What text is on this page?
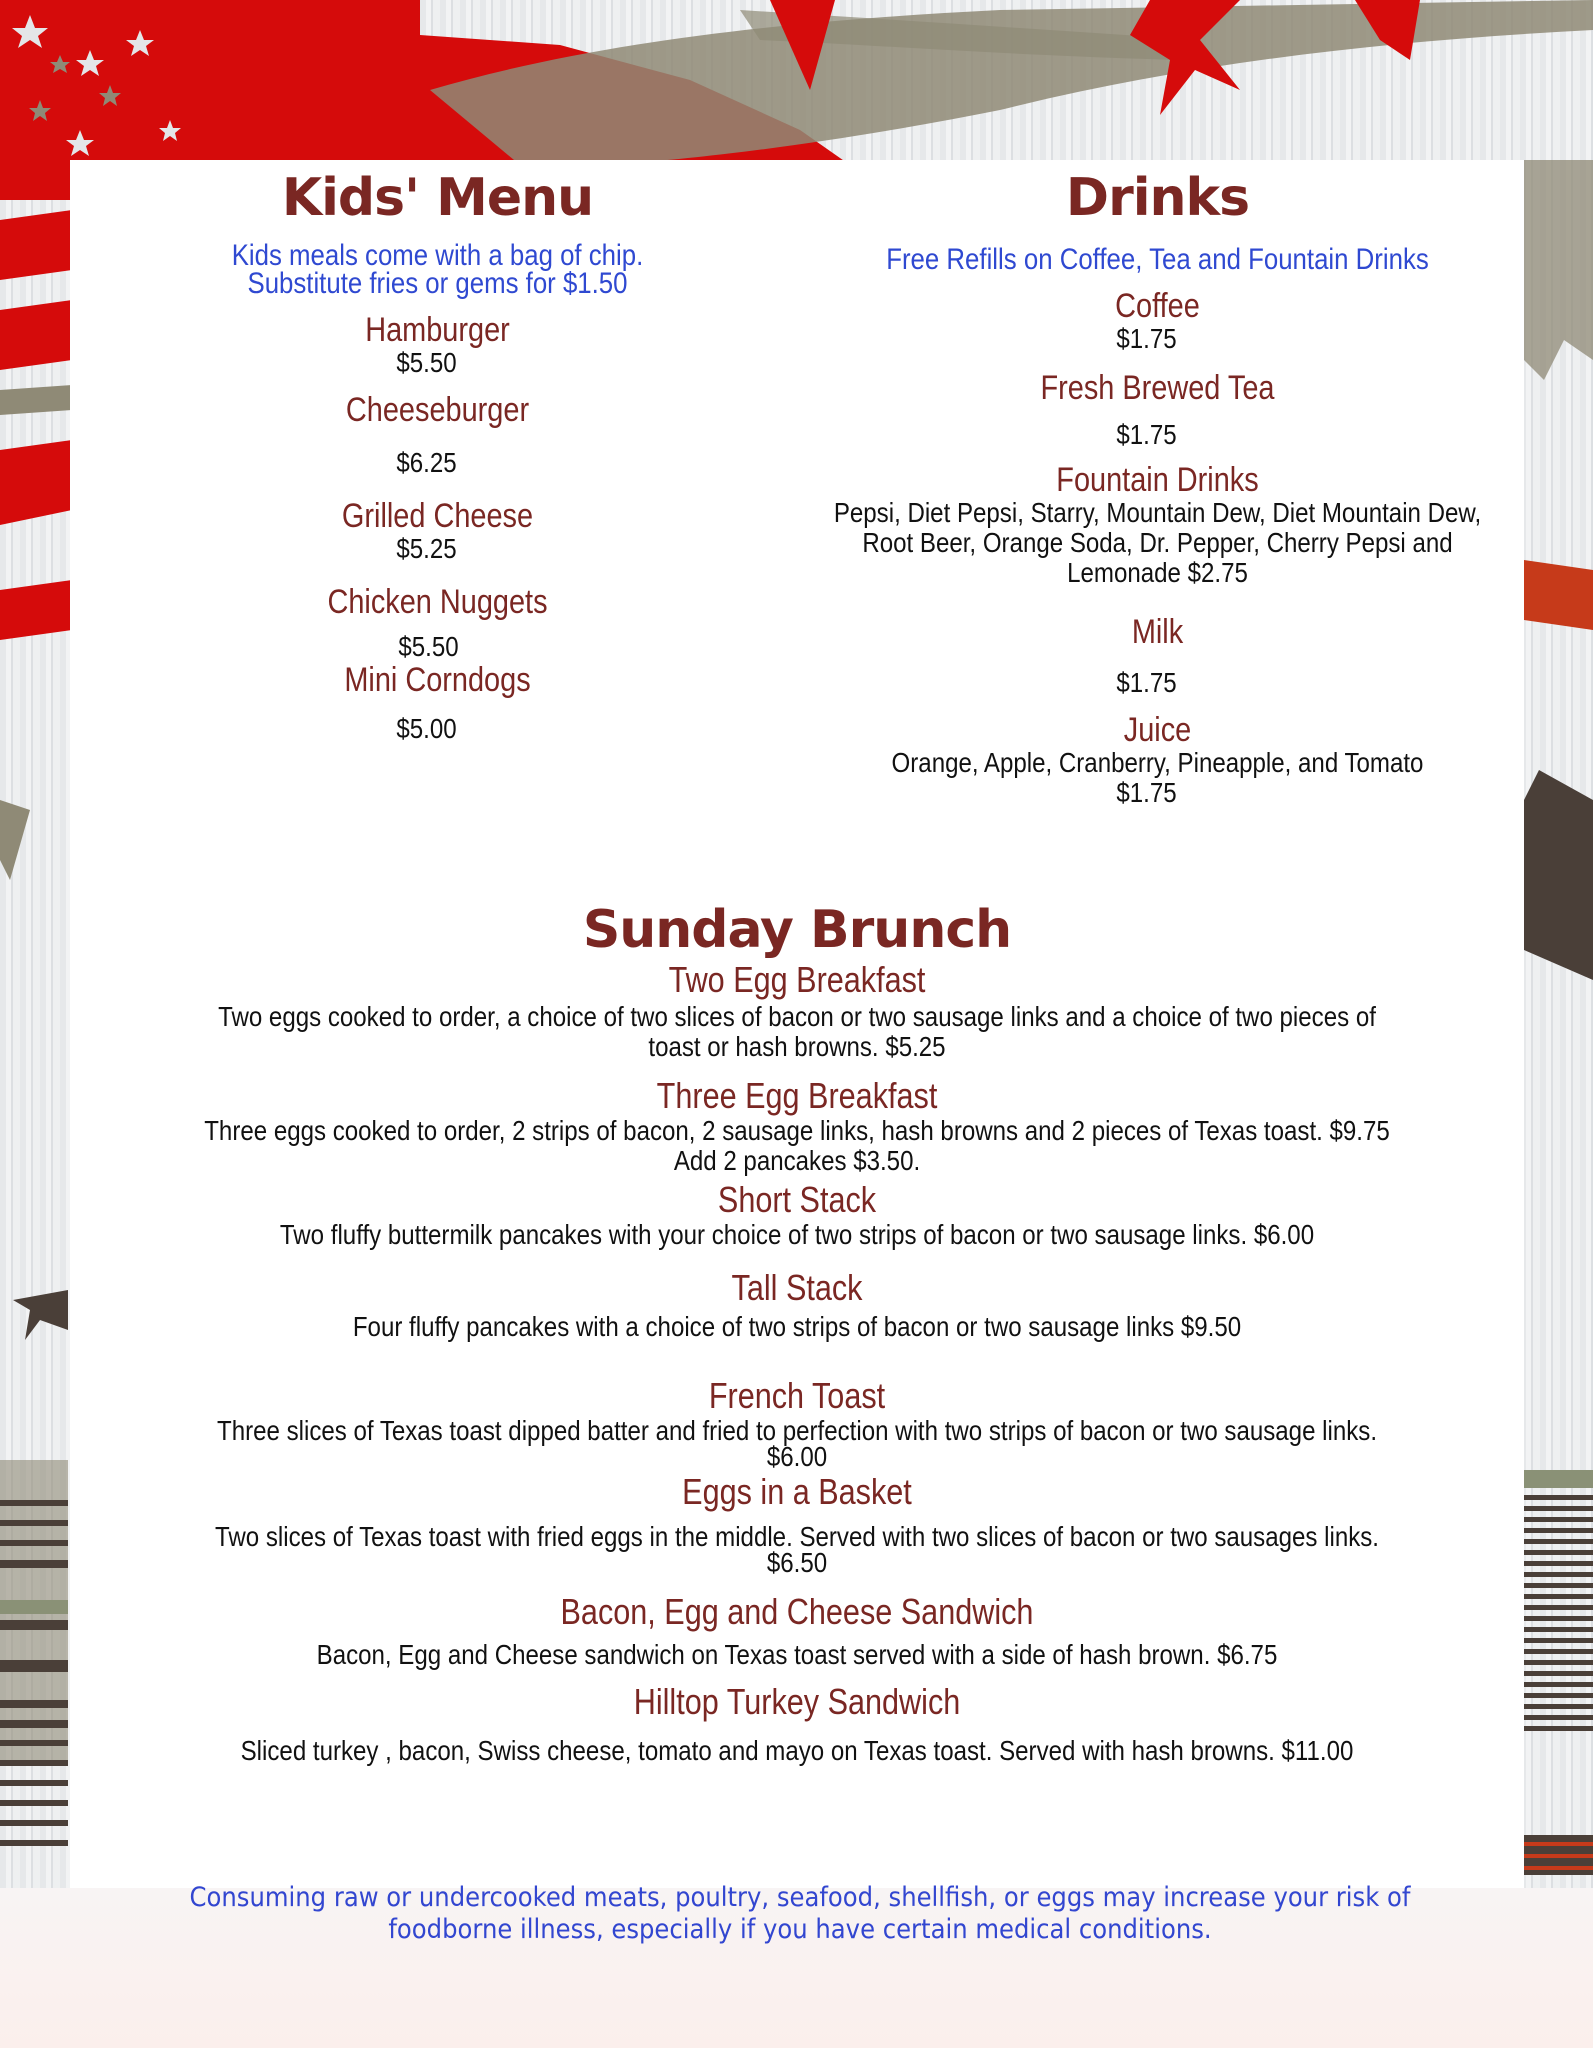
Kids' Menu
Kids meals come with a bag of chip. Substitute fries or gems for $1.50
Hamburger
$5.50
Cheeseburger
$6.25
Grilled Cheese
$5.25
Chicken Nuggets
$5.50
Mini Corndogs
$5.00
Drinks
Free Refills on Coffee, Tea and Fountain Drinks
Coffee
$1.75
Fresh Brewed Tea
$1.75
Fountain Drinks
Pepsi, Diet Pepsi, Starry, Mountain Dew, Diet Mountain Dew, Root Beer, Orange Soda, Dr. Pepper, Cherry Pepsi and Lemonade $2.75
Milk
$1.75
Juice
Orange, Apple, Cranberry, Pineapple, and Tomato
$1.75
Sunday Brunch
Two Egg Breakfast
Two eggs cooked to order, a choice of two slices of bacon or two sausage links and a choice of two pieces of toast or hash browns. $5.25
Three Egg Breakfast
Three eggs cooked to order, 2 strips of bacon, 2 sausage links, hash browns and 2 pieces of Texas toast. $9.75
Add 2 pancakes $3.50.
Short Stack
Two fluffy buttermilk pancakes with your choice of two strips of bacon or two sausage links. $6.00
Tall Stack
Four fluffy pancakes with a choice of two strips of bacon or two sausage links $9.50
French Toast
Three slices of Texas toast dipped batter and fried to perfection with two strips of bacon or two sausage links.
$6.00
Eggs in a Basket
Two slices of Texas toast with fried eggs in the middle. Served with two slices of bacon or two sausages links.
$6.50
Bacon, Egg and Cheese Sandwich
Bacon, Egg and Cheese sandwich on Texas toast served with a side of hash brown. $6.75
Hilltop Turkey Sandwich
Sliced turkey , bacon, Swiss cheese, tomato and mayo on Texas toast. Served with hash browns. $11.00
Consuming raw or undercooked meats, poultry, seafood, shellfish, or eggs may increase your risk of foodborne illness, especially if you have certain medical conditions.
